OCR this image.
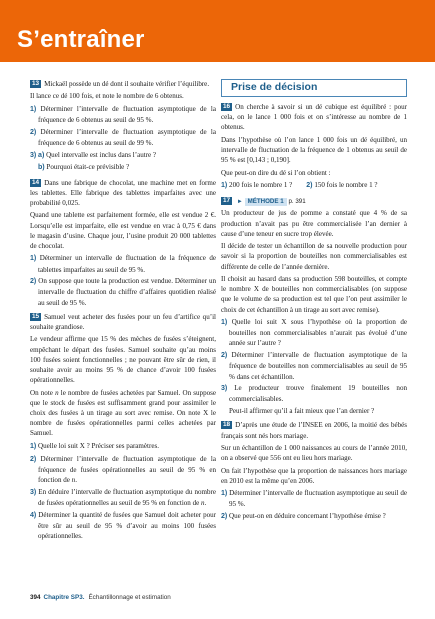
S’entraîner

13 Mickaël possède un dé dont il souhaite vérifier l’équilibre.

Il lance ce dé 100 fois, et note le nombre de 6 obtenus.

1) Déterminer l’intervalle de fluctuation asymptotique de la fréquence de 6 obtenus au seuil de 95 %.

2) Déterminer l’intervalle de fluctuation asymptotique de la fréquence de 6 obtenus au seuil de 99 %.

3) a) Quel intervalle est inclus dans l’autre ?

b) Pourquoi était-ce prévisible ?

14 Dans une fabrique de chocolat, une machine met en forme les tablettes. Elle fabrique des tablettes imparfaites avec une probabilité 0,025.

Quand une tablette est parfaitement formée, elle est vendue 2 €. Lorsqu’elle est imparfaite, elle est vendue en vrac à 0,75 € dans le magasin d’usine. Chaque jour, l’usine produit 20 000 tablettes de chocolat.

1) Déterminer un intervalle de fluctuation de la fréquence de tablettes imparfaites au seuil de 95 %.

2) On suppose que toute la production est vendue. Déterminer un intervalle de fluctuation du chiffre d’affaires quotidien réalisé au seuil de 95 %.

15 Samuel veut acheter des fusées pour un feu d’artifice qu’il souhaite grandiose.

Le vendeur affirme que 15 % des mèches de fusées s’éteignent, empêchant le départ des fusées. Samuel souhaite qu’au moins 100 fusées soient fonctionnelles ; ne pouvant être sûr de rien, il souhaite avoir au moins 95 % de chance d’avoir 100 fusées opérationnelles.

On note n le nombre de fusées achetées par Samuel. On suppose que le stock de fusées est suffisamment grand pour assimiler le choix des fusées à un tirage au sort avec remise. On note X le nombre de fusées opérationnelles parmi celles achetées par Samuel.

1) Quelle loi suit X ? Préciser ses paramètres.

2) Déterminer l’intervalle de fluctuation asymptotique de la fréquence de fusées opérationnelles au seuil de 95 % en fonction de n.

3) En déduire l’intervalle de fluctuation asymptotique du nombre de fusées opérationnelles au seuil de 95 % en fonction de n.

4) Déterminer la quantité de fusées que Samuel doit acheter pour être sûr au seuil de 95 % d’avoir au moins 100 fusées opérationnelles.

Prise de décision

16 On cherche à savoir si un dé cubique est équilibré : pour cela, on le lance 1 000 fois et on s’intéresse au nombre de 1 obtenus.

Dans l’hypothèse où l’on lance 1 000 fois un dé équilibré, un intervalle de fluctuation de la fréquence de 1 obtenus au seuil de 95 % est [0,143 ; 0,190].

Que peut-on dire du dé si l’on obtient :

1) 200 fois le nombre 1 ? 2) 150 fois le nombre 1 ?

17 ► MÉTHODE 1 p. 391

Un producteur de jus de pomme a constaté que 4 % de sa production n’avait pas pu être commercialisée l’an dernier à cause d’une teneur en sucre trop élevée.

Il décide de tester un échantillon de sa nouvelle production pour savoir si la proportion de bouteilles non commercialisables est différente de celle de l’année dernière.

Il choisit au hasard dans sa production 598 bouteilles, et compte le nombre X de bouteilles non commercialisables (on suppose que le volume de sa production est tel que l’on peut assimiler le choix de cet échantillon à un tirage au sort avec remise).

1) Quelle loi suit X sous l’hypothèse où la proportion de bouteilles non commercialisables n’aurait pas évolué d’une année sur l’autre ?

2) Déterminer l’intervalle de fluctuation asymptotique de la fréquence de bouteilles non commercialisables au seuil de 95 % dans cet échantillon.

3) Le producteur trouve finalement 19 bouteilles non commercialisables.

Peut-il affirmer qu’il a fait mieux que l’an dernier ?

18 D’après une étude de l’INSEE en 2006, la moitié des bébés français sont nés hors mariage.

Sur un échantillon de 1 000 naissances au cours de l’année 2010, on a observé que 556 ont eu lieu hors mariage.

On fait l’hypothèse que la proportion de naissances hors mariage en 2010 est la même qu’en 2006.

1) Déterminer l’intervalle de fluctuation asymptotique au seuil de 95 %.

2) Que peut-on en déduire concernant l’hypothèse émise ?

394 Chapitre SP3. Échantillonnage et estimation
